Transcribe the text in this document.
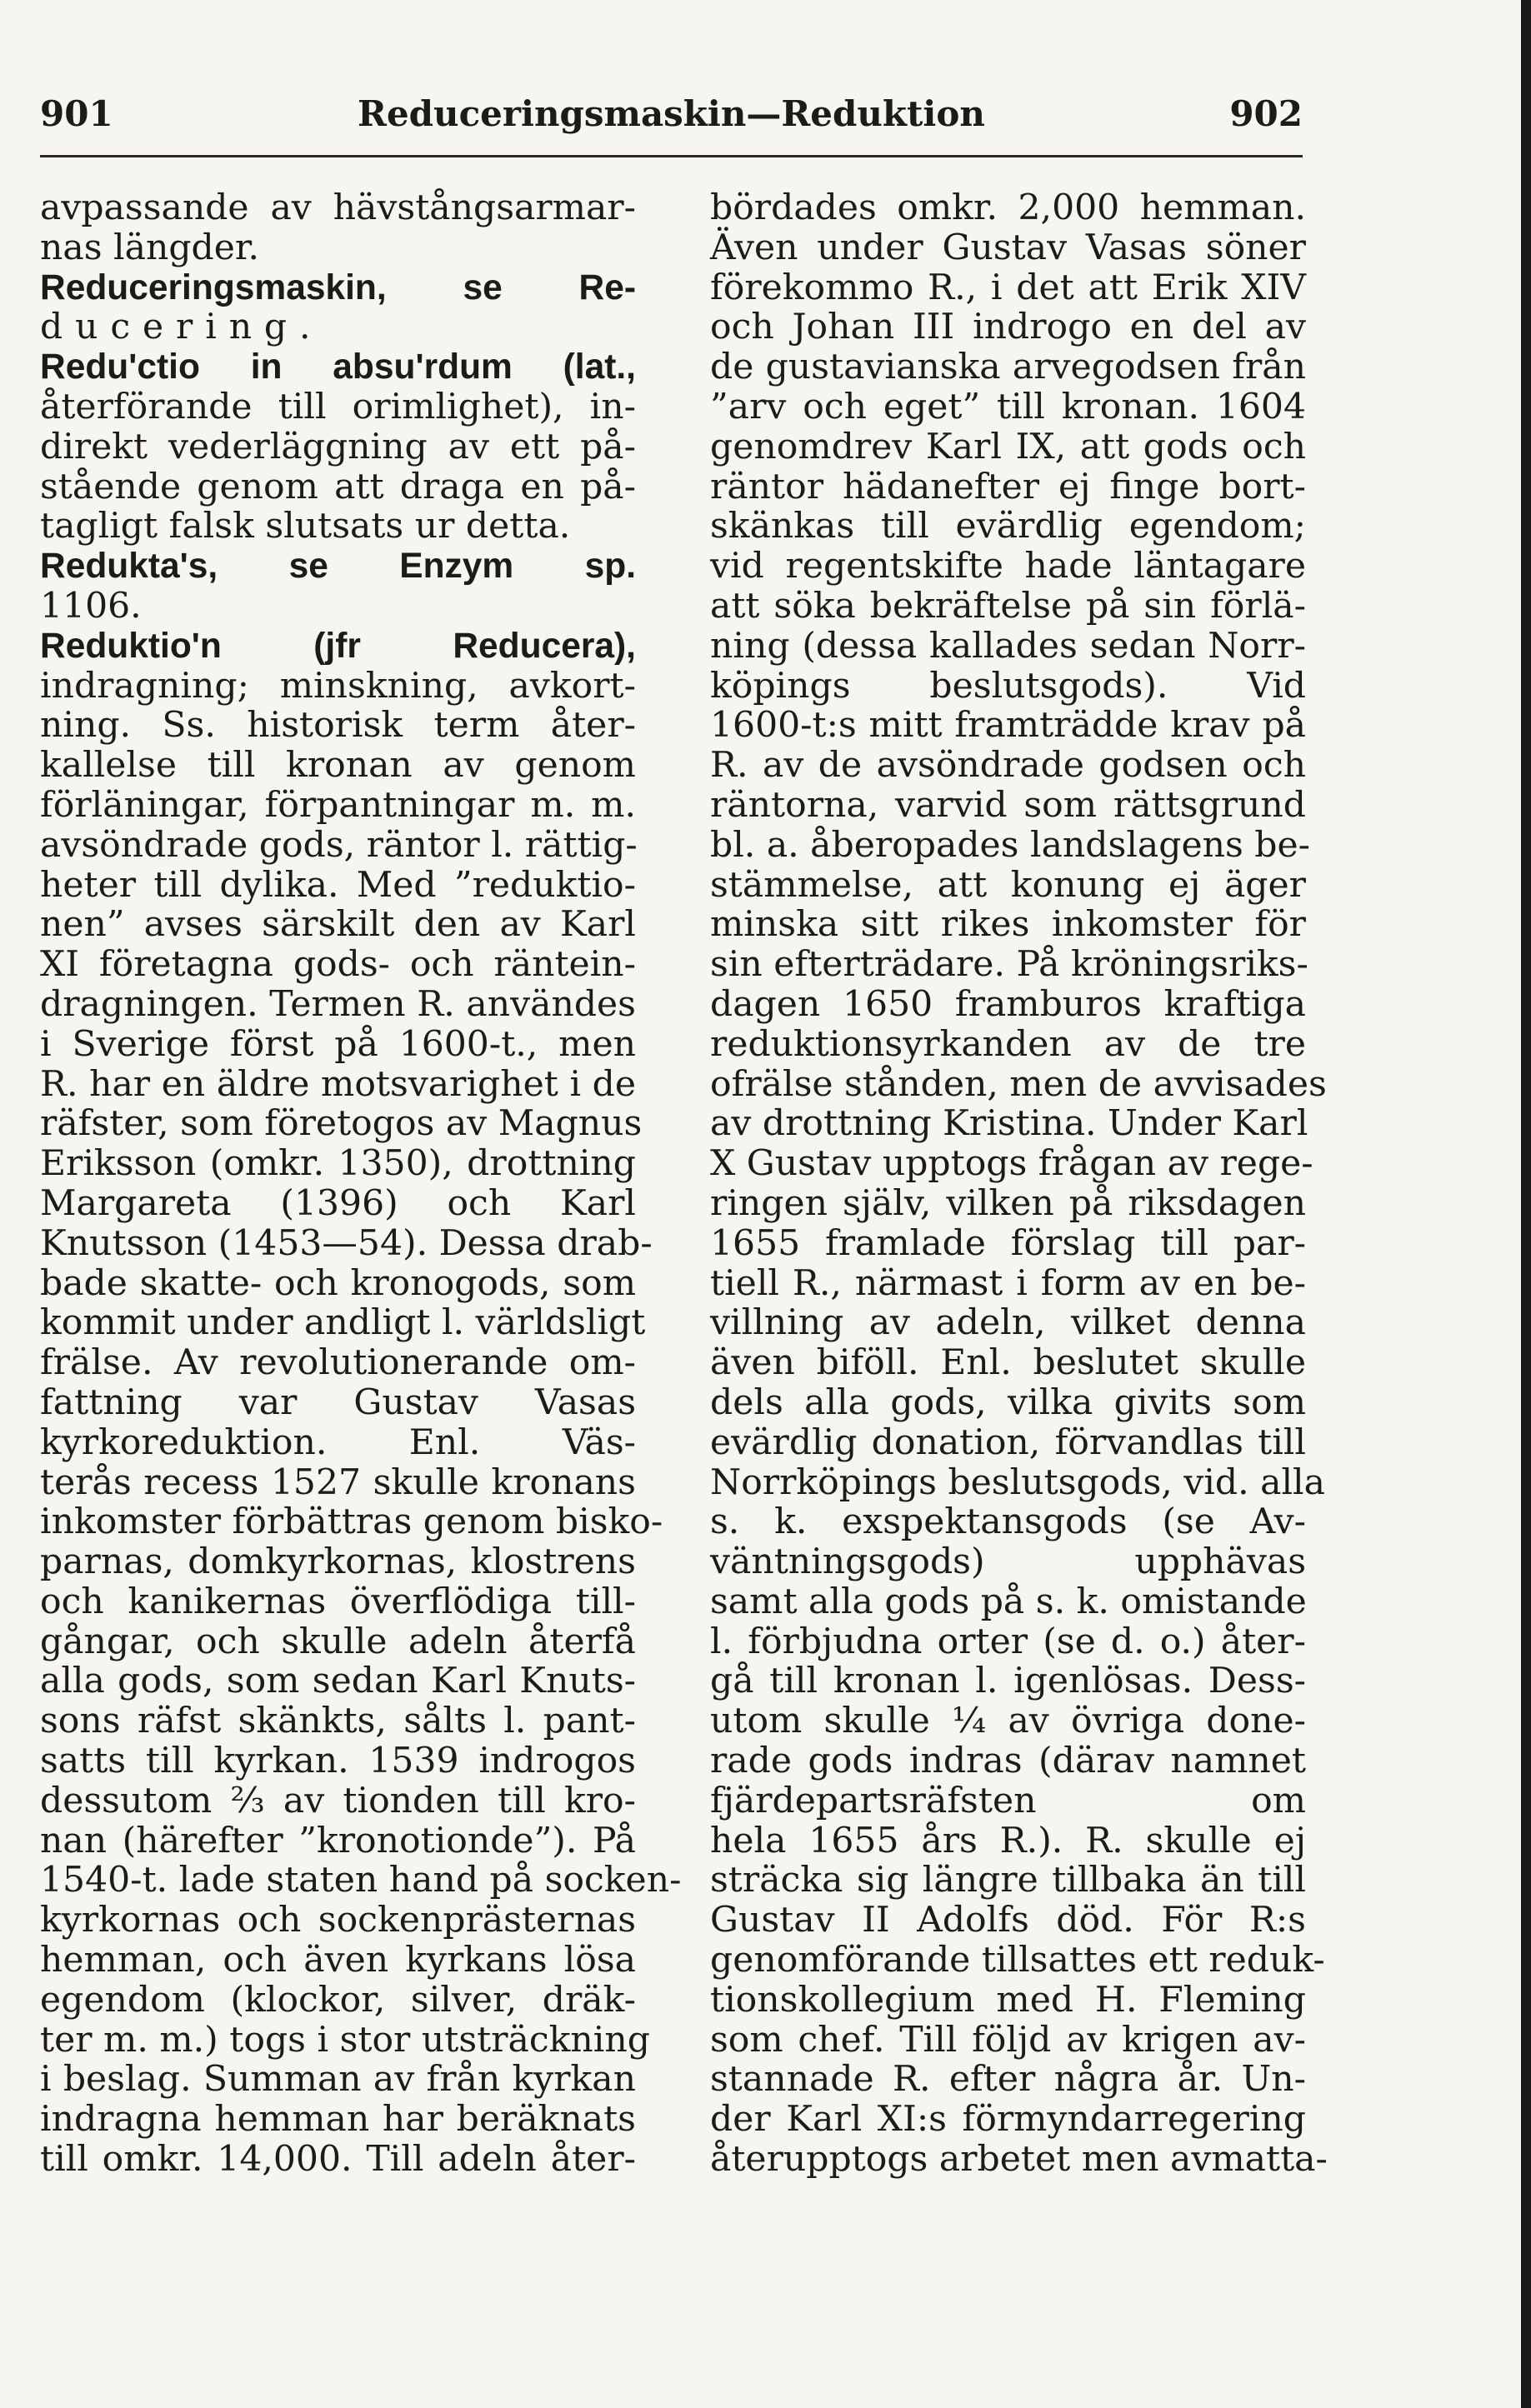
901	Reduceringsmaskin—Reduktion	902
avpassande av hävstångsarmar-
nas längder.
Reduceringsmaskin, se Re-
ducering.
Redu'ctio in absu'rdum (lat.,
återförande till orimlighet), in-
direkt vederläggning av ett på-
stående genom att draga en på-
tagligt falsk slutsats ur detta.
Redukta's, se Enzym sp.
1106.
Reduktio'n (jfr Reducera),
indragning; minskning, avkort-
ning. Ss. historisk term åter-
kallelse till kronan av genom
förläningar, förpantningar m. m.
avsöndrade gods, räntor l. rättig-
heter till dylika. Med ”reduktio-
nen” avses särskilt den av Karl
XI företagna gods- och räntein-
dragningen. Termen R. användes
i Sverige först på 1600-t., men
R. har en äldre motsvarighet i de
räfster, som företogos av Magnus
Eriksson (omkr. 1350), drottning
Margareta (1396) och Karl
Knutsson (1453—54). Dessa drab-
bade skatte- och kronogods, som
kommit under andligt l. världsligt
frälse. Av revolutionerande om-
fattning var Gustav Vasas
kyrkoreduktion. Enl. Väs-
terås recess 1527 skulle kronans
inkomster förbättras genom bisko-
parnas, domkyrkornas, klostrens
och kanikernas överflödiga till-
gångar, och skulle adeln återfå
alla gods, som sedan Karl Knuts-
sons räfst skänkts, sålts l. pant-
satts till kyrkan. 1539 indrogos
dessutom ⅔ av tionden till kro-
nan (härefter ”kronotionde”). På
1540-t. lade staten hand på socken-
kyrkornas och sockenprästernas
hemman, och även kyrkans lösa
egendom (klockor, silver, dräk-
ter m. m.) togs i stor utsträckning
i beslag. Summan av från kyrkan
indragna hemman har beräknats
till omkr. 14,000. Till adeln åter-
bördades omkr. 2,000 hemman.
Även under Gustav Vasas söner
förekommo R., i det att Erik XIV
och Johan III indrogo en del av
de gustavianska arvegodsen från
”arv och eget” till kronan. 1604
genomdrev Karl IX, att gods och
räntor hädanefter ej finge bort-
skänkas till evärdlig egendom;
vid regentskifte hade läntagare
att söka bekräftelse på sin förlä-
ning (dessa kallades sedan Norr-
köpings beslutsgods). Vid
1600-t:s mitt framträdde krav på
R. av de avsöndrade godsen och
räntorna, varvid som rättsgrund
bl. a. åberopades landslagens be-
stämmelse, att konung ej äger
minska sitt rikes inkomster för
sin efterträdare. På kröningsriks-
dagen 1650 framburos kraftiga
reduktionsyrkanden av de tre
ofrälse stånden, men de avvisades
av drottning Kristina. Under Karl
X Gustav upptogs frågan av rege-
ringen själv, vilken på riksdagen
1655 framlade förslag till par-
tiell R., närmast i form av en be-
villning av adeln, vilket denna
även biföll. Enl. beslutet skulle
dels alla gods, vilka givits som
evärdlig donation, förvandlas till
Norrköpings beslutsgods, vid. alla
s. k. exspektansgods (se Av-
väntningsgods) upphävas
samt alla gods på s. k. omistande
l. förbjudna orter (se d. o.) åter-
gå till kronan l. igenlösas. Dess-
utom skulle ¼ av övriga done-
rade gods indras (därav namnet
fjärdepartsräfsten om
hela 1655 års R.). R. skulle ej
sträcka sig längre tillbaka än till
Gustav II Adolfs död. För R:s
genomförande tillsattes ett reduk-
tionskollegium med H. Fleming
som chef. Till följd av krigen av-
stannade R. efter några år. Un-
der Karl XI:s förmyndarregering
återupptogs arbetet men avmatta-
